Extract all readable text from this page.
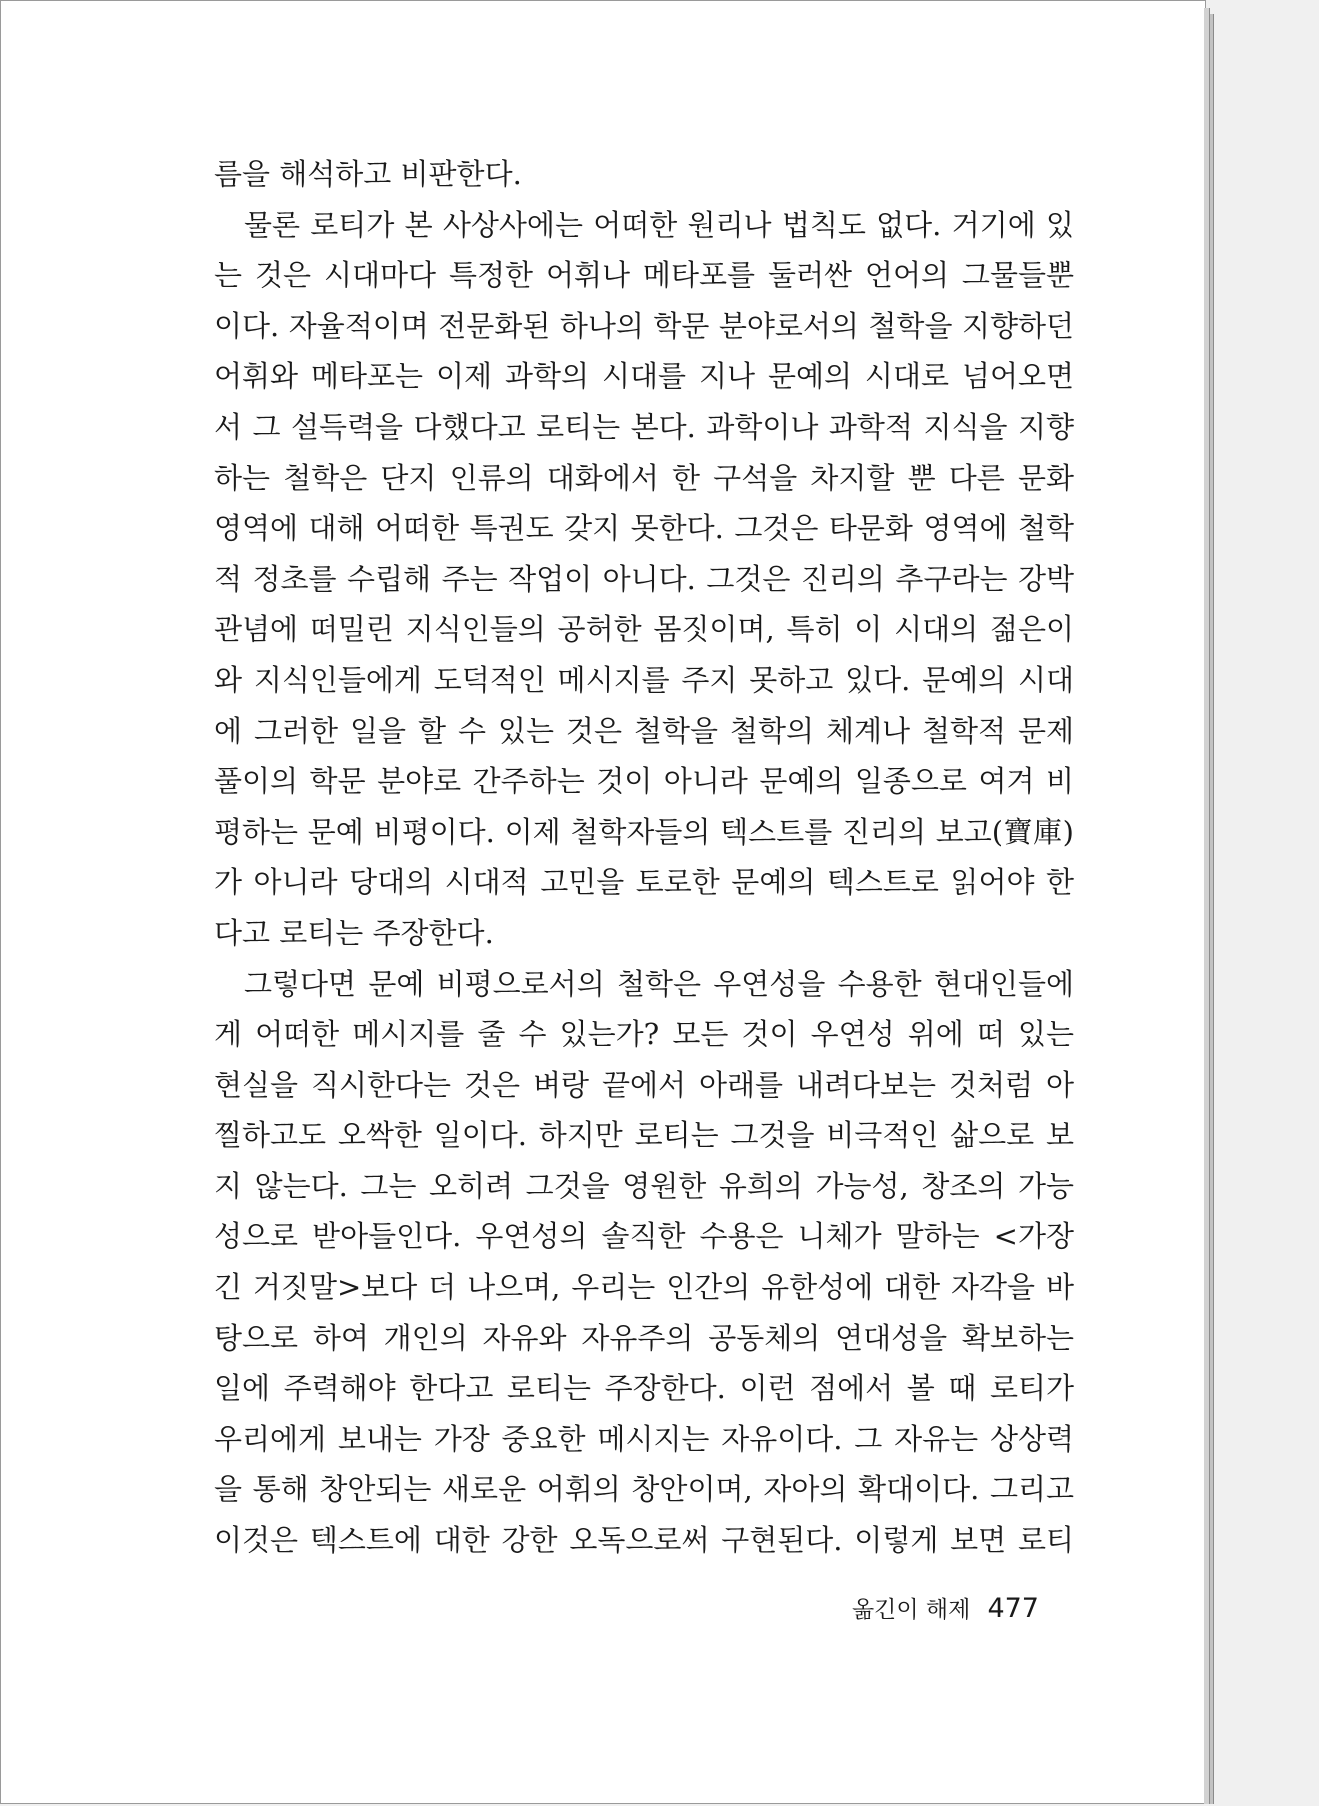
름을 해석하고 비판한다.
물론 로티가 본 사상사에는 어떠한 원리나 법칙도 없다. 거기에 있
는 것은 시대마다 특정한 어휘나 메타포를 둘러싼 언어의 그물들뿐
이다. 자율적이며 전문화된 하나의 학문 분야로서의 철학을 지향하던
어휘와 메타포는 이제 과학의 시대를 지나 문예의 시대로 넘어오면
서 그 설득력을 다했다고 로티는 본다. 과학이나 과학적 지식을 지향
하는 철학은 단지 인류의 대화에서 한 구석을 차지할 뿐 다른 문화
영역에 대해 어떠한 특권도 갖지 못한다. 그것은 타문화 영역에 철학
적 정초를 수립해 주는 작업이 아니다. 그것은 진리의 추구라는 강박
관념에 떠밀린 지식인들의 공허한 몸짓이며, 특히 이 시대의 젊은이
와 지식인들에게 도덕적인 메시지를 주지 못하고 있다. 문예의 시대
에 그러한 일을 할 수 있는 것은 철학을 철학의 체계나 철학적 문제
풀이의 학문 분야로 간주하는 것이 아니라 문예의 일종으로 여겨 비
평하는 문예 비평이다. 이제 철학자들의 텍스트를 진리의 보고(寶庫)
가 아니라 당대의 시대적 고민을 토로한 문예의 텍스트로 읽어야 한
다고 로티는 주장한다.
그렇다면 문예 비평으로서의 철학은 우연성을 수용한 현대인들에
게 어떠한 메시지를 줄 수 있는가? 모든 것이 우연성 위에 떠 있는
현실을 직시한다는 것은 벼랑 끝에서 아래를 내려다보는 것처럼 아
찔하고도 오싹한 일이다. 하지만 로티는 그것을 비극적인 삶으로 보
지 않는다. 그는 오히려 그것을 영원한 유희의 가능성, 창조의 가능
성으로 받아들인다. 우연성의 솔직한 수용은 니체가 말하는 <가장
긴 거짓말>보다 더 나으며, 우리는 인간의 유한성에 대한 자각을 바
탕으로 하여 개인의 자유와 자유주의 공동체의 연대성을 확보하는
일에 주력해야 한다고 로티는 주장한다. 이런 점에서 볼 때 로티가
우리에게 보내는 가장 중요한 메시지는 자유이다. 그 자유는 상상력
을 통해 창안되는 새로운 어휘의 창안이며, 자아의 확대이다. 그리고
이것은 텍스트에 대한 강한 오독으로써 구현된다. 이렇게 보면 로티
옮긴이 해제 477
